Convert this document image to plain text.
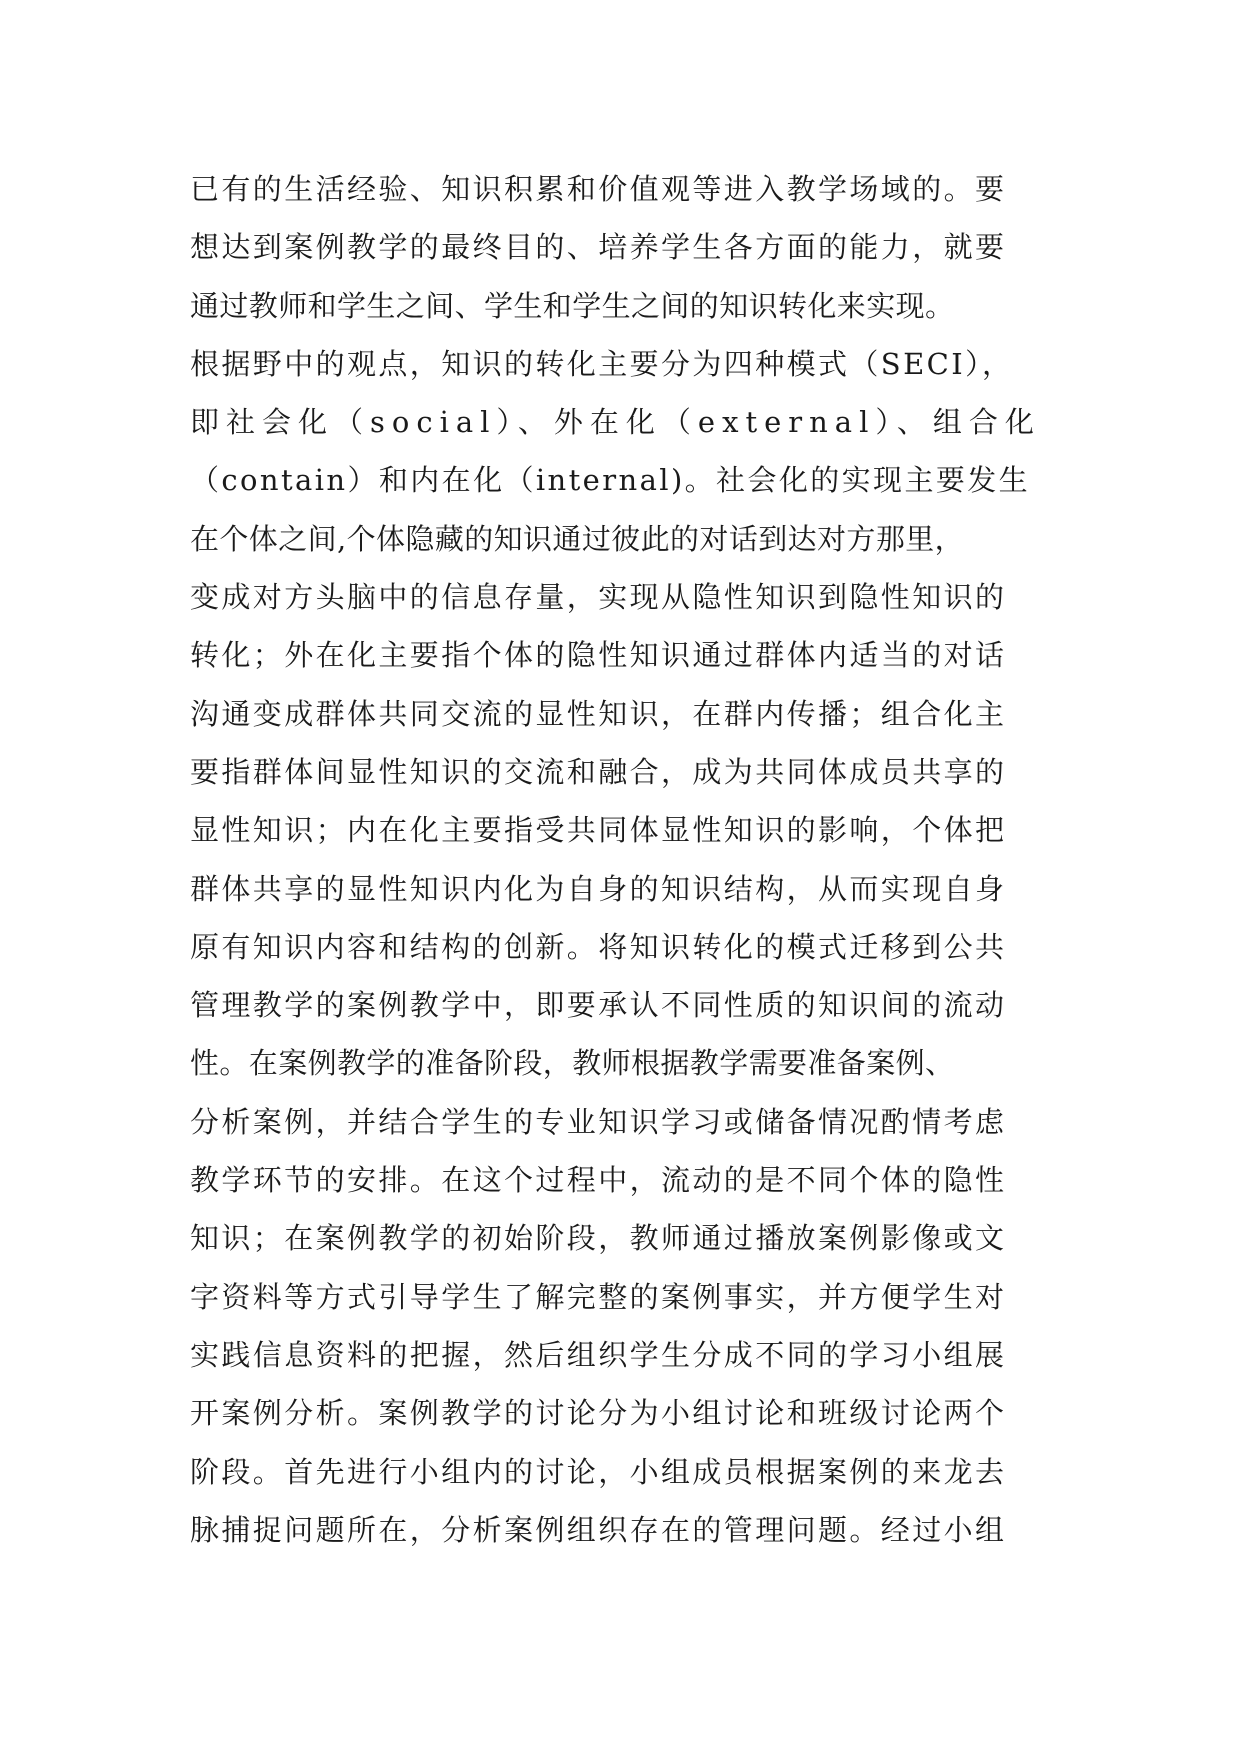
已有的生活经验、知识积累和价值观等进入教学场域的。要
想达到案例教学的最终目的、培养学生各方面的能力，就要
通过教师和学生之间、学生和学生之间的知识转化来实现。
根据野中的观点，知识的转化主要分为四种模式（SECI），
即社会化（social）、外在化（external）、组合化
（contain）和内在化（internal)。社会化的实现主要发生
在个体之间,个体隐藏的知识通过彼此的对话到达对方那里，
变成对方头脑中的信息存量，实现从隐性知识到隐性知识的
转化；外在化主要指个体的隐性知识通过群体内适当的对话
沟通变成群体共同交流的显性知识，在群内传播；组合化主
要指群体间显性知识的交流和融合，成为共同体成员共享的
显性知识；内在化主要指受共同体显性知识的影响，个体把
群体共享的显性知识内化为自身的知识结构，从而实现自身
原有知识内容和结构的创新。将知识转化的模式迁移到公共
管理教学的案例教学中，即要承认不同性质的知识间的流动
性。在案例教学的准备阶段，教师根据教学需要准备案例、
分析案例，并结合学生的专业知识学习或储备情况酌情考虑
教学环节的安排。在这个过程中，流动的是不同个体的隐性
知识；在案例教学的初始阶段，教师通过播放案例影像或文
字资料等方式引导学生了解完整的案例事实，并方便学生对
实践信息资料的把握，然后组织学生分成不同的学习小组展
开案例分析。案例教学的讨论分为小组讨论和班级讨论两个
阶段。首先进行小组内的讨论，小组成员根据案例的来龙去
脉捕捉问题所在，分析案例组织存在的管理问题。经过小组
